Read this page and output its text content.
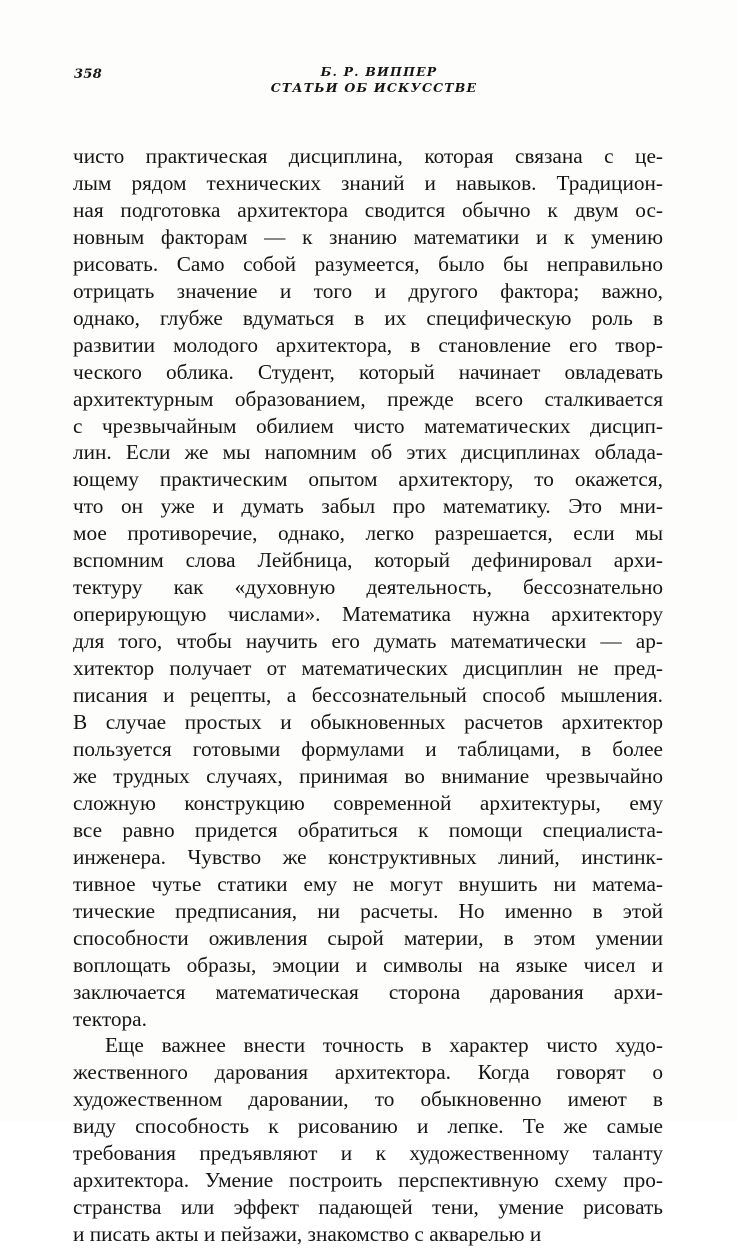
358	Б. Р. ВИППЕР
СТАТЬИ ОБ ИСКУССТВЕ

чисто практическая дисциплина, которая связана с це-
лым рядом технических знаний и навыков. Традицион-
ная подготовка архитектора сводится обычно к двум ос-
новным факторам — к знанию математики и к умению
рисовать. Само собой разумеется, было бы неправильно
отрицать значение и того и другого фактора; важно,
однако, глубже вдуматься в их специфическую роль в
развитии молодого архитектора, в становление его твор-
ческого облика. Студент, который начинает овладевать
архитектурным образованием, прежде всего сталкивается
с чрезвычайным обилием чисто математических дисцип-
лин. Если же мы напомним об этих дисциплинах облада-
ющему практическим опытом архитектору, то окажется,
что он уже и думать забыл про математику. Это мни-
мое противоречие, однако, легко разрешается, если мы
вспомним слова Лейбница, который дефинировал архи-
тектуру как «духовную деятельность, бессознательно
оперирующую числами». Математика нужна архитектору
для того, чтобы научить его думать математически — ар-
хитектор получает от математических дисциплин не пред-
писания и рецепты, а бессознательный способ мышления.
В случае простых и обыкновенных расчетов архитектор
пользуется готовыми формулами и таблицами, в более
же трудных случаях, принимая во внимание чрезвычайно
сложную конструкцию современной архитектуры, ему
все равно придется обратиться к помощи специалиста-
инженера. Чувство же конструктивных линий, инстинк-
тивное чутье статики ему не могут внушить ни матема-
тические предписания, ни расчеты. Но именно в этой
способности оживления сырой материи, в этом умении
воплощать образы, эмоции и символы на языке чисел и
заключается математическая сторона дарования архи-
тектора.

Еще важнее внести точность в характер чисто худо-
жественного дарования архитектора. Когда говорят о
художественном даровании, то обыкновенно имеют в
виду способность к рисованию и лепке. Те же самые
требования предъявляют и к художественному таланту
архитектора. Умение построить перспективную схему про-
странства или эффект падающей тени, умение рисовать
и писать акты и пейзажи, знакомство с акварелью и
